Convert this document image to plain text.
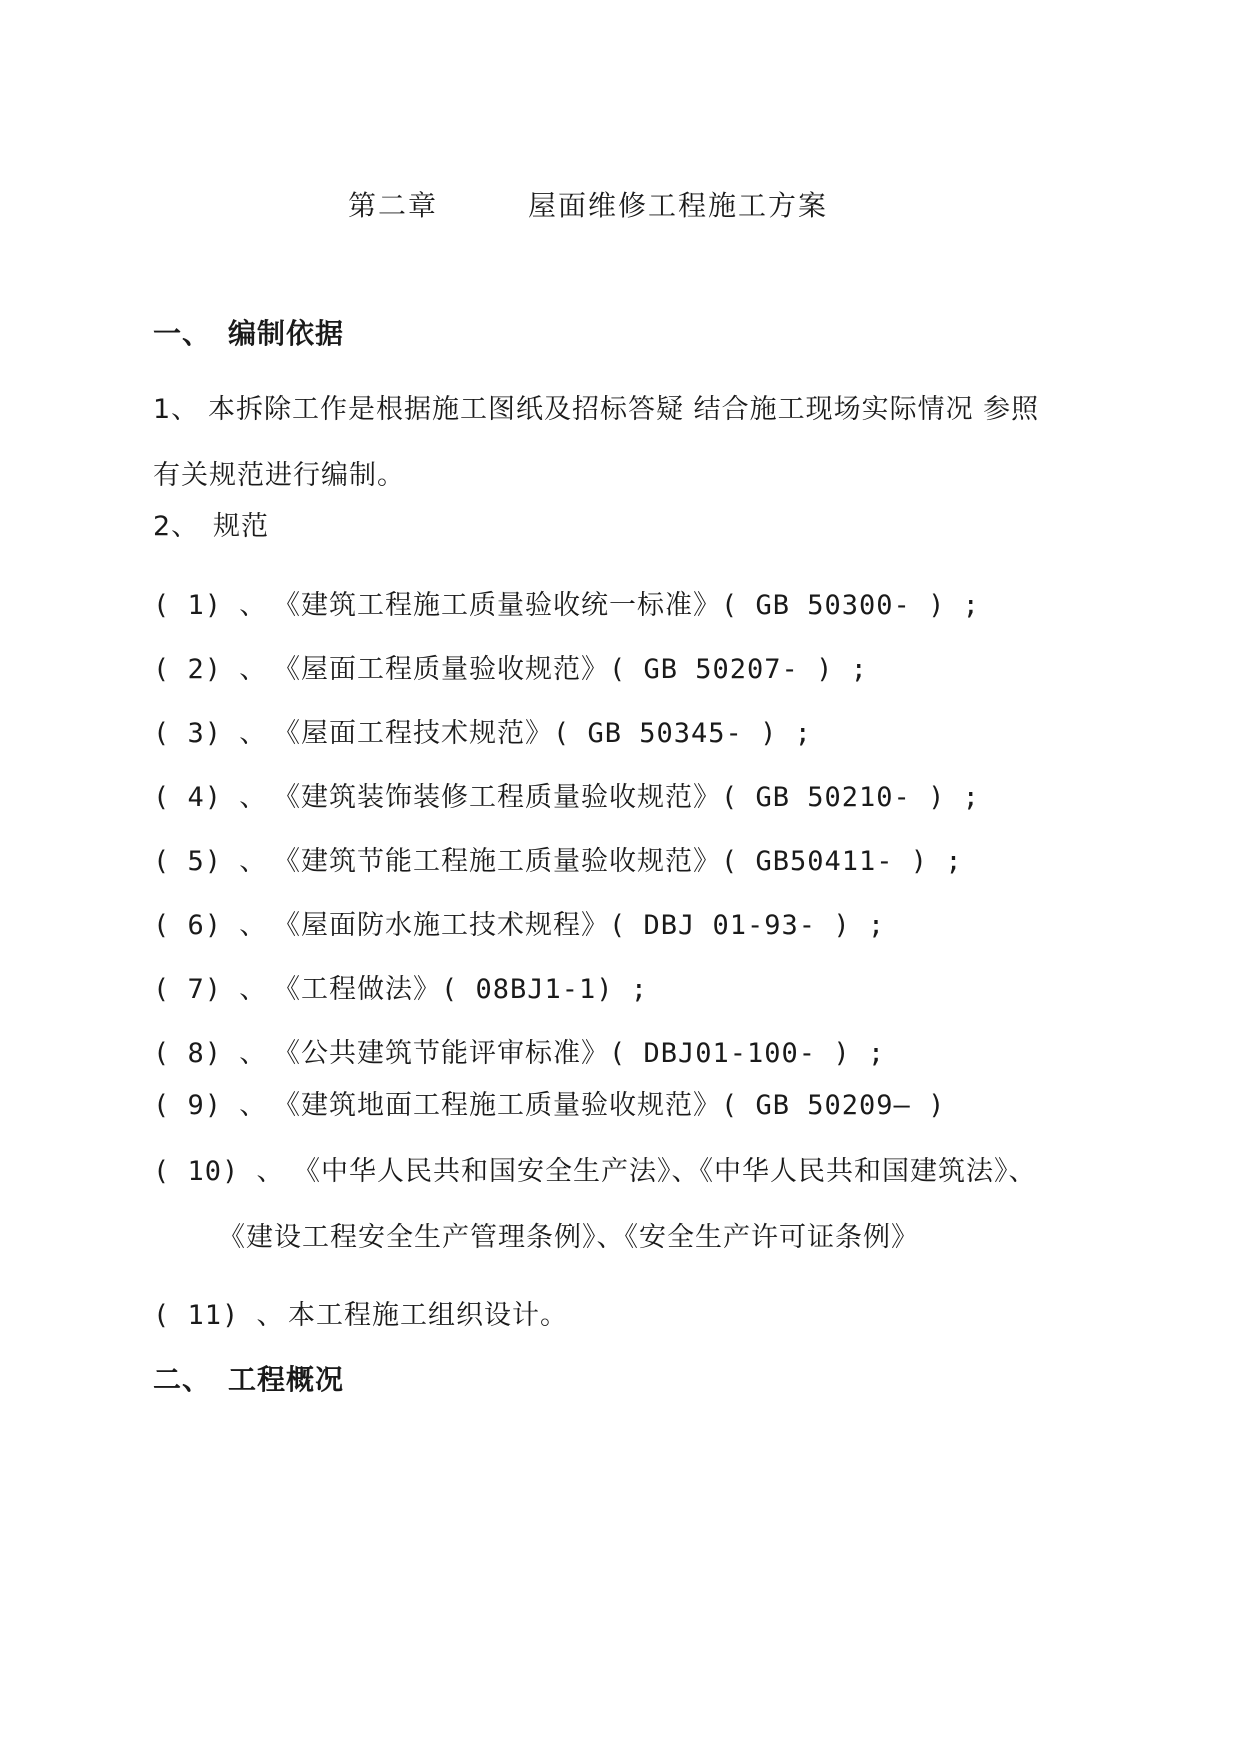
第二章	屋面维修工程施工方案
一、 编制依据
1、 本拆除工作是根据施工图纸及招标答疑 结合施工现场实际情况 参照
有关规范进行编制。
2、 规范
( 1) 、 《建筑工程施工质量验收统一标准》( GB 50300- ) ;
( 2) 、 《屋面工程质量验收规范》( GB 50207- ) ;
( 3) 、 《屋面工程技术规范》( GB 50345- ) ;
( 4) 、 《建筑装饰装修工程质量验收规范》( GB 50210- ) ;
( 5) 、 《建筑节能工程施工质量验收规范》( GB50411- ) ;
( 6) 、 《屋面防水施工技术规程》( DBJ 01-93- ) ;
( 7) 、 《工程做法》( 08BJ1-1) ;
( 8) 、 《公共建筑节能评审标准》( DBJ01-100- ) ;
( 9) 、 《建筑地面工程施工质量验收规范》( GB 50209— )
( 10) 、 《中华人民共和国安全生产法》、《中华人民共和国建筑法》、
《建设工程安全生产管理条例》、《安全生产许可证条例》
( 11) 、 本工程施工组织设计。
二、 工程概况
